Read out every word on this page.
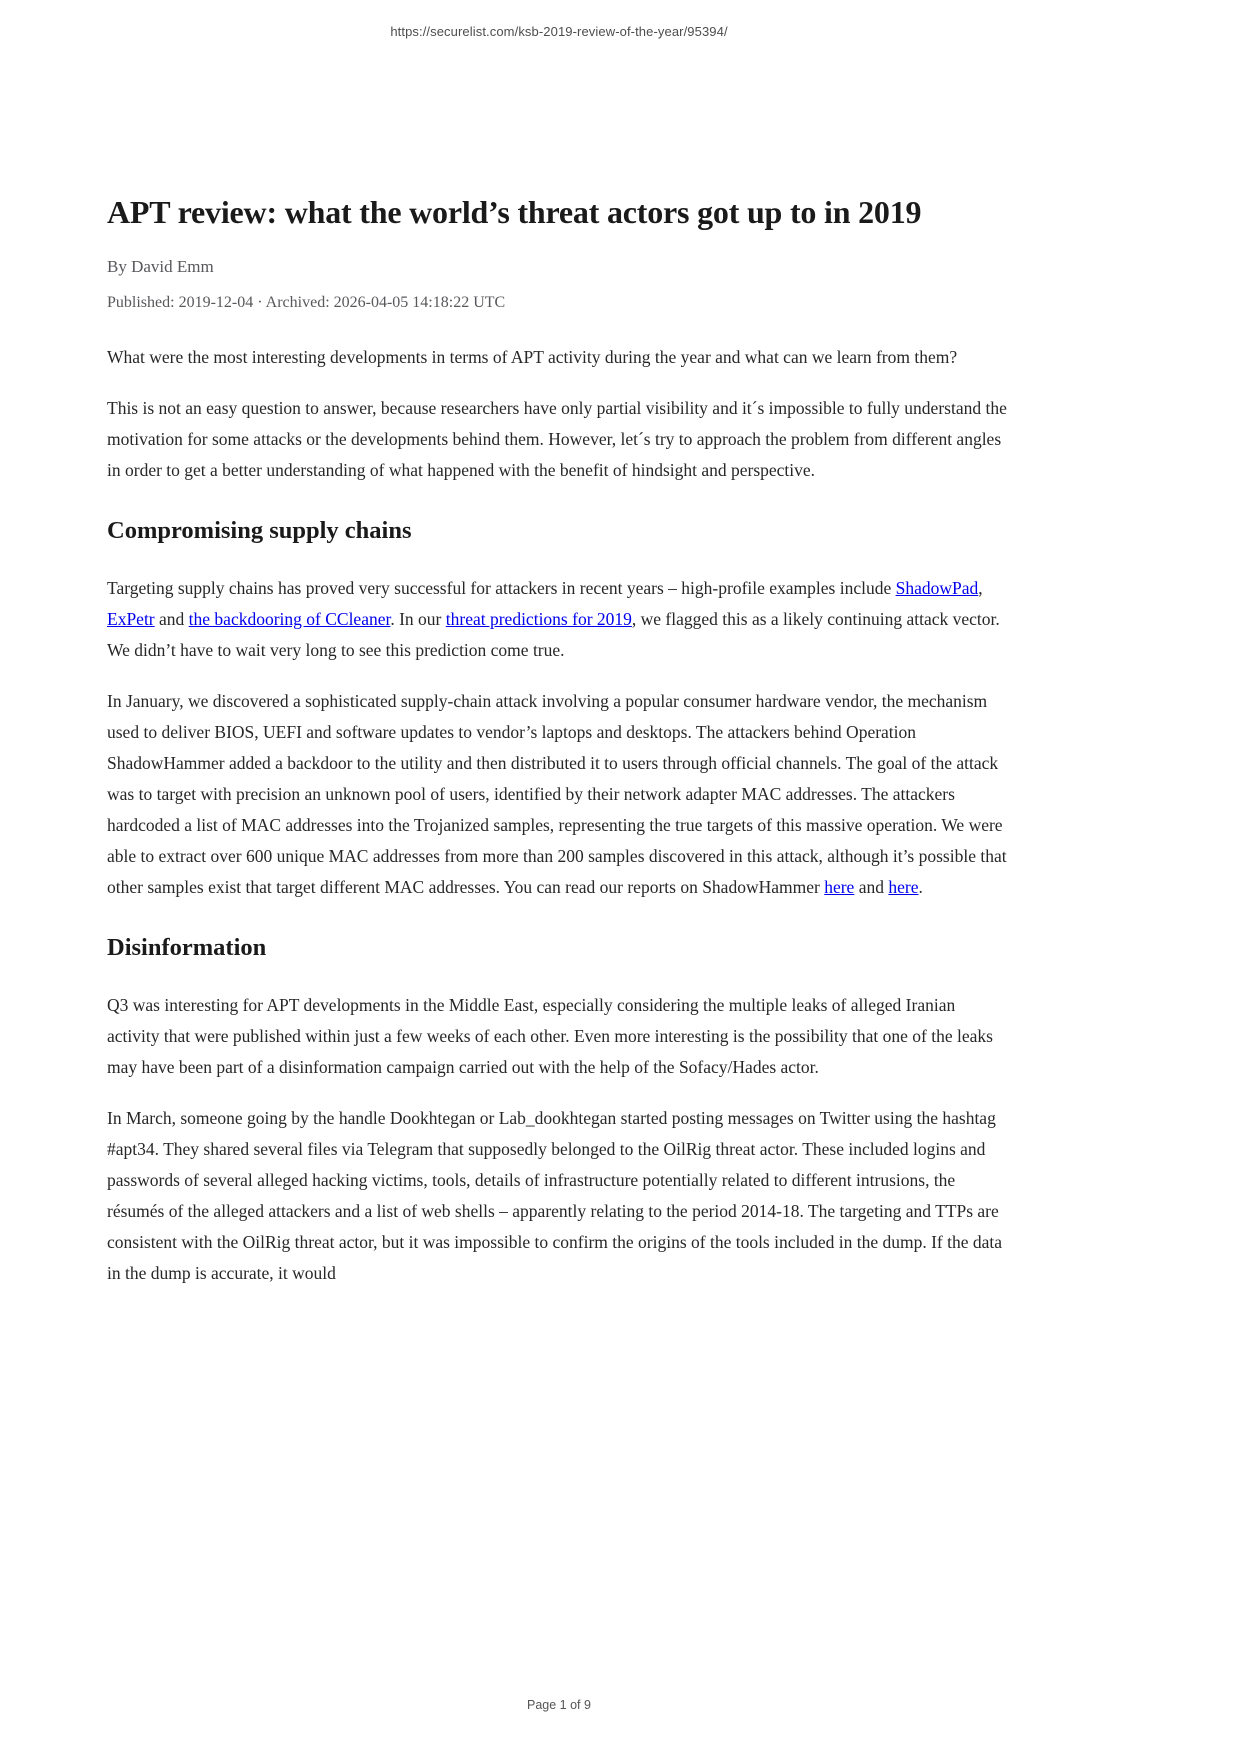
https://securelist.com/ksb-2019-review-of-the-year/95394/
APT review: what the world’s threat actors got up to in 2019
By David Emm
Published: 2019-12-04 · Archived: 2026-04-05 14:18:22 UTC

What were the most interesting developments in terms of APT activity during the year and what can we learn from them?

This is not an easy question to answer, because researchers have only partial visibility and it´s impossible to fully understand the motivation for some attacks or the developments behind them. However, let´s try to approach the problem from different angles in order to get a better understanding of what happened with the benefit of hindsight and perspective.

Compromising supply chains

Targeting supply chains has proved very successful for attackers in recent years – high-profile examples include ShadowPad, ExPetr and the backdooring of CCleaner. In our threat predictions for 2019, we flagged this as a likely continuing attack vector. We didn’t have to wait very long to see this prediction come true.

In January, we discovered a sophisticated supply-chain attack involving a popular consumer hardware vendor, the mechanism used to deliver BIOS, UEFI and software updates to vendor’s laptops and desktops. The attackers behind Operation ShadowHammer added a backdoor to the utility and then distributed it to users through official channels. The goal of the attack was to target with precision an unknown pool of users, identified by their network adapter MAC addresses. The attackers hardcoded a list of MAC addresses into the Trojanized samples, representing the true targets of this massive operation. We were able to extract over 600 unique MAC addresses from more than 200 samples discovered in this attack, although it’s possible that other samples exist that target different MAC addresses. You can read our reports on ShadowHammer here and here.

Disinformation

Q3 was interesting for APT developments in the Middle East, especially considering the multiple leaks of alleged Iranian activity that were published within just a few weeks of each other. Even more interesting is the possibility that one of the leaks may have been part of a disinformation campaign carried out with the help of the Sofacy/Hades actor.

In March, someone going by the handle Dookhtegan or Lab_dookhtegan started posting messages on Twitter using the hashtag #apt34. They shared several files via Telegram that supposedly belonged to the OilRig threat actor. These included logins and passwords of several alleged hacking victims, tools, details of infrastructure potentially related to different intrusions, the résumés of the alleged attackers and a list of web shells – apparently relating to the period 2014-18. The targeting and TTPs are consistent with the OilRig threat actor, but it was impossible to confirm the origins of the tools included in the dump. If the data in the dump is accurate, it would

Page 1 of 9
